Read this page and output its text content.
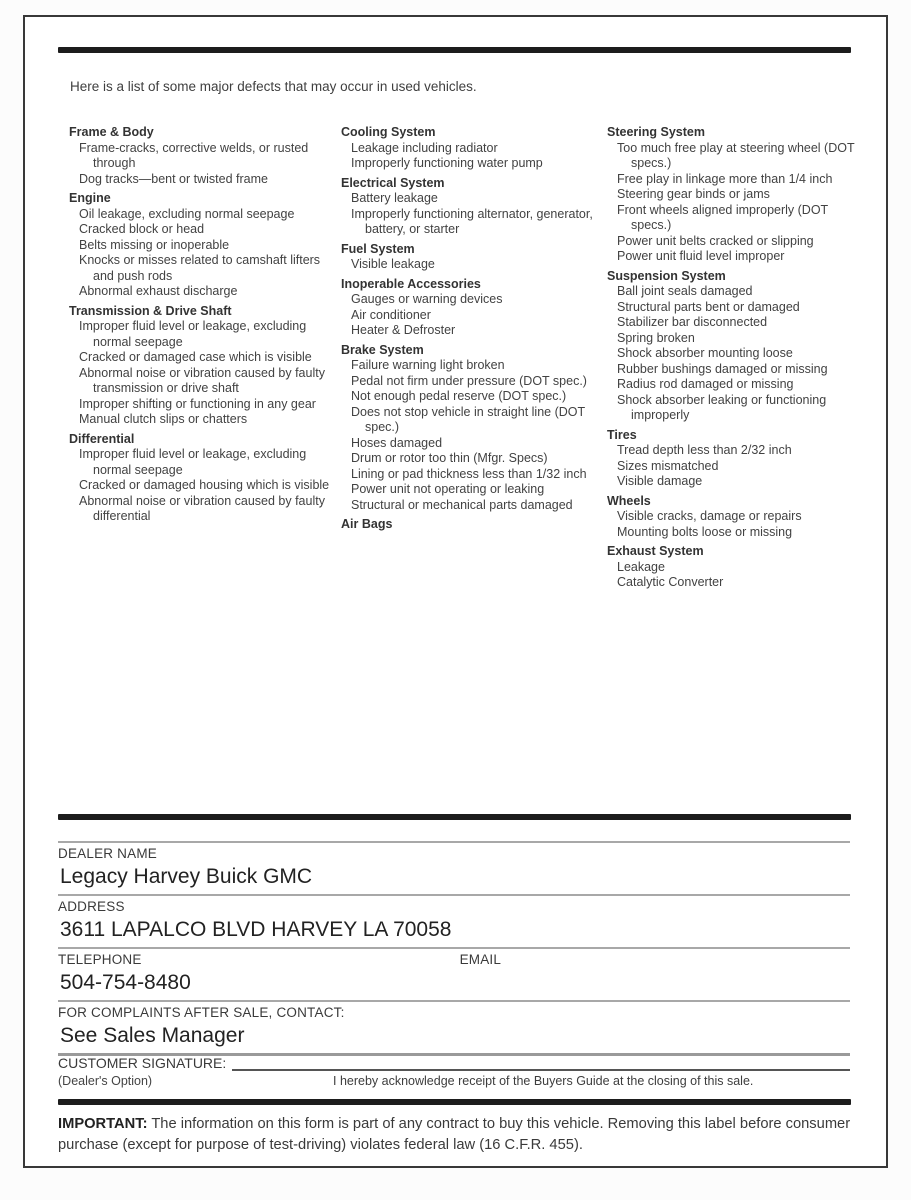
Here is a list of some major defects that may occur in used vehicles.
Frame & Body
Frame-cracks, corrective welds, or rusted through
Dog tracks—bent or twisted frame
Engine
Oil leakage, excluding normal seepage
Cracked block or head
Belts missing or inoperable
Knocks or misses related to camshaft lifters and push rods
Abnormal exhaust discharge
Transmission & Drive Shaft
Improper fluid level or leakage, excluding normal seepage
Cracked or damaged case which is visible
Abnormal noise or vibration caused by faulty transmission or drive shaft
Improper shifting or functioning in any gear
Manual clutch slips or chatters
Differential
Improper fluid level or leakage, excluding normal seepage
Cracked or damaged housing which is visible
Abnormal noise or vibration caused by faulty differential
Cooling System
Leakage including radiator
Improperly functioning water pump
Electrical System
Battery leakage
Improperly functioning alternator, generator, battery, or starter
Fuel System
Visible leakage
Inoperable Accessories
Gauges or warning devices
Air conditioner
Heater & Defroster
Brake System
Failure warning light broken
Pedal not firm under pressure (DOT spec.)
Not enough pedal reserve (DOT spec.)
Does not stop vehicle in straight line (DOT spec.)
Hoses damaged
Drum or rotor too thin (Mfgr. Specs)
Lining or pad thickness less than 1/32 inch
Power unit not operating or leaking
Structural or mechanical parts damaged
Air Bags
Steering System
Too much free play at steering wheel (DOT specs.)
Free play in linkage more than 1/4 inch
Steering gear binds or jams
Front wheels aligned improperly (DOT specs.)
Power unit belts cracked or slipping
Power unit fluid level improper
Suspension System
Ball joint seals damaged
Structural parts bent or damaged
Stabilizer bar disconnected
Spring broken
Shock absorber mounting loose
Rubber bushings damaged or missing
Radius rod damaged or missing
Shock absorber leaking or functioning improperly
Tires
Tread depth less than 2/32 inch
Sizes mismatched
Visible damage
Wheels
Visible cracks, damage or repairs
Mounting bolts loose or missing
Exhaust System
Leakage
Catalytic Converter
DEALER NAME
Legacy Harvey Buick GMC
ADDRESS
3611 LAPALCO BLVD HARVEY LA 70058
TELEPHONE	EMAIL
504-754-8480
FOR COMPLAINTS AFTER SALE, CONTACT:
See Sales Manager
CUSTOMER SIGNATURE:
(Dealer's Option)	I hereby acknowledge receipt of the Buyers Guide at the closing of this sale.
IMPORTANT: The information on this form is part of any contract to buy this vehicle. Removing this label before consumer purchase (except for purpose of test-driving) violates federal law (16 C.F.R. 455).
